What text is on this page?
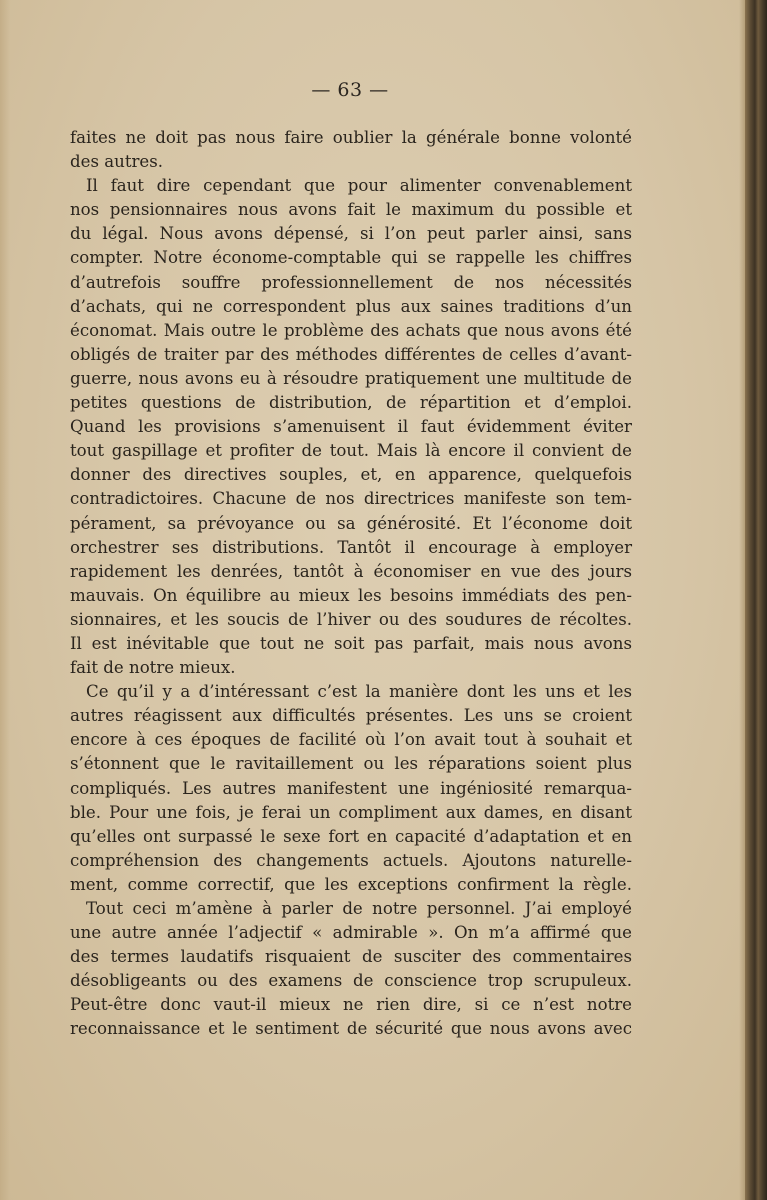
— 63 —
faites ne doit pas nous faire oublier la générale bonne volonté
des autres.
Il faut dire cependant que pour alimenter convenablement
nos pensionnaires nous avons fait le maximum du possible et
du légal. Nous avons dépensé, si l’on peut parler ainsi, sans
compter. Notre économe-comptable qui se rappelle les chiffres
d’autrefois souffre professionnellement de nos nécessités
d’achats, qui ne correspondent plus aux saines traditions d’un
économat. Mais outre le problème des achats que nous avons été
obligés de traiter par des méthodes différentes de celles d’avant-
guerre, nous avons eu à résoudre pratiquement une multitude de
petites questions de distribution, de répartition et d’emploi.
Quand les provisions s’amenuisent il faut évidemment éviter
tout gaspillage et profiter de tout. Mais là encore il convient de
donner des directives souples, et, en apparence, quelquefois
contradictoires. Chacune de nos directrices manifeste son tem-
pérament, sa prévoyance ou sa générosité. Et l’économe doit
orchestrer ses distributions. Tantôt il encourage à employer
rapidement les denrées, tantôt à économiser en vue des jours
mauvais. On équilibre au mieux les besoins immédiats des pen-
sionnaires, et les soucis de l’hiver ou des soudures de récoltes.
Il est inévitable que tout ne soit pas parfait, mais nous avons
fait de notre mieux.
Ce qu’il y a d’intéressant c’est la manière dont les uns et les
autres réagissent aux difficultés présentes. Les uns se croient
encore à ces époques de facilité où l’on avait tout à souhait et
s’étonnent que le ravitaillement ou les réparations soient plus
compliqués. Les autres manifestent une ingéniosité remarqua-
ble. Pour une fois, je ferai un compliment aux dames, en disant
qu’elles ont surpassé le sexe fort en capacité d’adaptation et en
compréhension des changements actuels. Ajoutons naturelle-
ment, comme correctif, que les exceptions confirment la règle.
Tout ceci m’amène à parler de notre personnel. J’ai employé
une autre année l’adjectif « admirable ». On m’a affirmé que
des termes laudatifs risquaient de susciter des commentaires
désobligeants ou des examens de conscience trop scrupuleux.
Peut-être donc vaut-il mieux ne rien dire, si ce n’est notre
reconnaissance et le sentiment de sécurité que nous avons avec
